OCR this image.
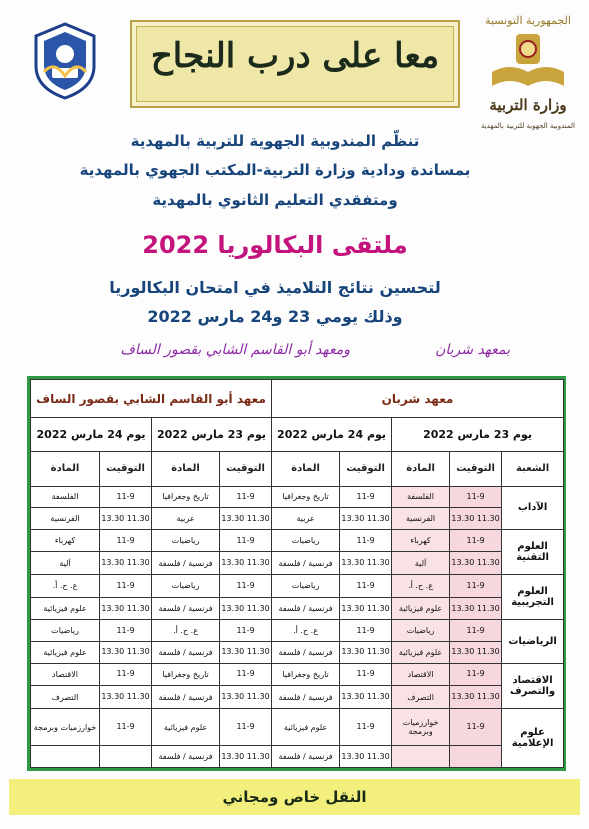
الجمهورية التونسية
وزارة التربية
المندوبية الجهوية للتربية بالمهدية
معا على درب النجاح
تنظّم المندوبية الجهوية للتربية بالمهدية
بمساندة ودادية وزارة التربية-المكتب الجهوي بالمهدية
ومتفقدي التعليم الثانوي بالمهدية
ملتقى البكالوريا 2022
لتحسين نتائج التلاميذ في امتحان البكالوريا
وذلك يومي 23 و24 مارس 2022
بمعهد شربان
ومعهد أبو القاسم الشابي بقصور الساف
معهد شربان					معهد أبو القاسم الشابي بقصور الساف			
يوم 23 مارس 2022			يوم 24 مارس 2022		يوم 23 مارس 2022		يوم 24 مارس 2022	
الشعبة	التوقيت	المادة	التوقيت	المادة	التوقيت	المادة	التوقيت	المادة
الآداب	11-9	الفلسفة	11-9	تاريخ وجغرافيا	11-9	تاريخ وجغرافيا	11-9	الفلسفة
	11.30 13.30	الفرنسية	11.30 13.30	عربية	11.30 13.30	عربية	11.30 13.30	الفرنسية
العلوم التقنية	11-9	كهرباء	11-9	رياضيات	11-9	رياضيات	11-9	كهرباء
	11.30 13.30	آلية	11.30 13.30	فرنسية / فلسفة	11.30 13.30	فرنسية / فلسفة	11.30 13.30	آلية
العلوم التجريبية	11-9	ع. ح. أ.	11-9	رياضيات	11-9	رياضيات	11-9	ع. ح. أ.
	11.30 13.30	علوم فيزيائية	11.30 13.30	فرنسية / فلسفة	11.30 13.30	فرنسية / فلسفة	11.30 13.30	علوم فيزيائية
الرياضيات	11-9	رياضيات	11-9	ع. ح. أ.	11-9	ع. ح. أ.	11-9	رياضيات
	11.30 13.30	علوم فيزيائية	11.30 13.30	فرنسية / فلسفة	11.30 13.30	فرنسية / فلسفة	11.30 13.30	علوم فيزيائية
الاقتصاد والتصرف	11-9	الاقتصاد	11-9	تاريخ وجغرافيا	11-9	تاريخ وجغرافيا	11-9	الاقتصاد
	11.30 13.30	التصرف	11.30 13.30	فرنسية / فلسفة	11.30 13.30	فرنسية / فلسفة	11.30 13.30	التصرف
علوم الإعلامية	11-9	خوارزميات وبرمجة	11-9	علوم فيزيائية	11-9	علوم فيزيائية	11-9	خوارزميات وبرمجة
			11.30 13.30	فرنسية / فلسفة	11.30 13.30	فرنسية / فلسفة		
النقل خاص ومجاني
